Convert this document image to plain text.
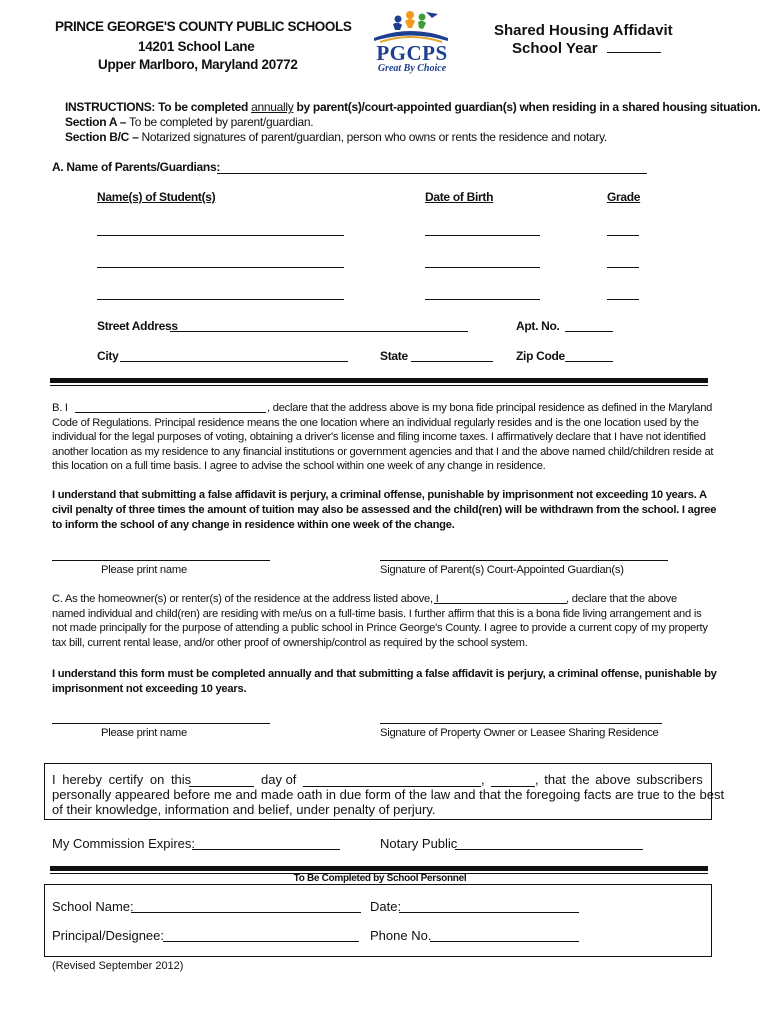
PRINCE GEORGE'S COUNTY PUBLIC SCHOOLS
14201 School Lane
Upper Marlboro, Maryland 20772	PGCPS
Great By Choice
Shared Housing Affidavit
School Year
INSTRUCTIONS: To be completed annually by parent(s)/court-appointed guardian(s) when residing in a shared housing situation.
Section A – To be completed by parent/guardian.
Section B/C – Notarized signatures of parent/guardian, person who owns or rents the residence and notary.
A. Name of Parents/Guardians:
Name(s) of Student(s)	Date of Birth	Grade
Street Address	Apt. No.
City	State	Zip Code
B. I	, declare that the address above is my bona fide principal residence as defined in the Maryland
Code of Regulations. Principal residence means the one location where an individual regularly resides and is the one location used by the
individual for the legal purposes of voting, obtaining a driver's license and filing income taxes. I affirmatively declare that I have not identified
another location as my residence to any financial institutions or government agencies and that I and the above named child/children reside at
this location on a full time basis. I agree to advise the school within one week of any change in residence.
I understand that submitting a false affidavit is perjury, a criminal offense, punishable by imprisonment not exceeding 10 years. A
civil penalty of three times the amount of tuition may also be assessed and the child(ren) will be withdrawn from the school. I agree
to inform the school of any change in residence within one week of the change.
Please print name	Signature of Parent(s) Court-Appointed Guardian(s)
C. As the homeowner(s) or renter(s) of the residence at the address listed above, I	, declare that the above
named individual and child(ren) are residing with me/us on a full-time basis. I further affirm that this is a bona fide living arrangement and is
not made principally for the purpose of attending a public school in Prince George's County. I agree to provide a current copy of my property
tax bill, current rental lease, and/or other proof of ownership/control as required by the school system.
I understand this form must be completed annually and that submitting a false affidavit is perjury, a criminal offense, punishable by
imprisonment not exceeding 10 years.
Please print name	Signature of Property Owner or Leasee Sharing Residence
I hereby certify on this	day of	,	, that the above subscribers
personally appeared before me and made oath in due form of the law and that the foregoing facts are true to the best
of their knowledge, information and belief, under penalty of perjury.
My Commission Expires:	Notary Public
To Be Completed by School Personnel
School Name:	Date:
Principal/Designee:	Phone No.
(Revised September 2012)
